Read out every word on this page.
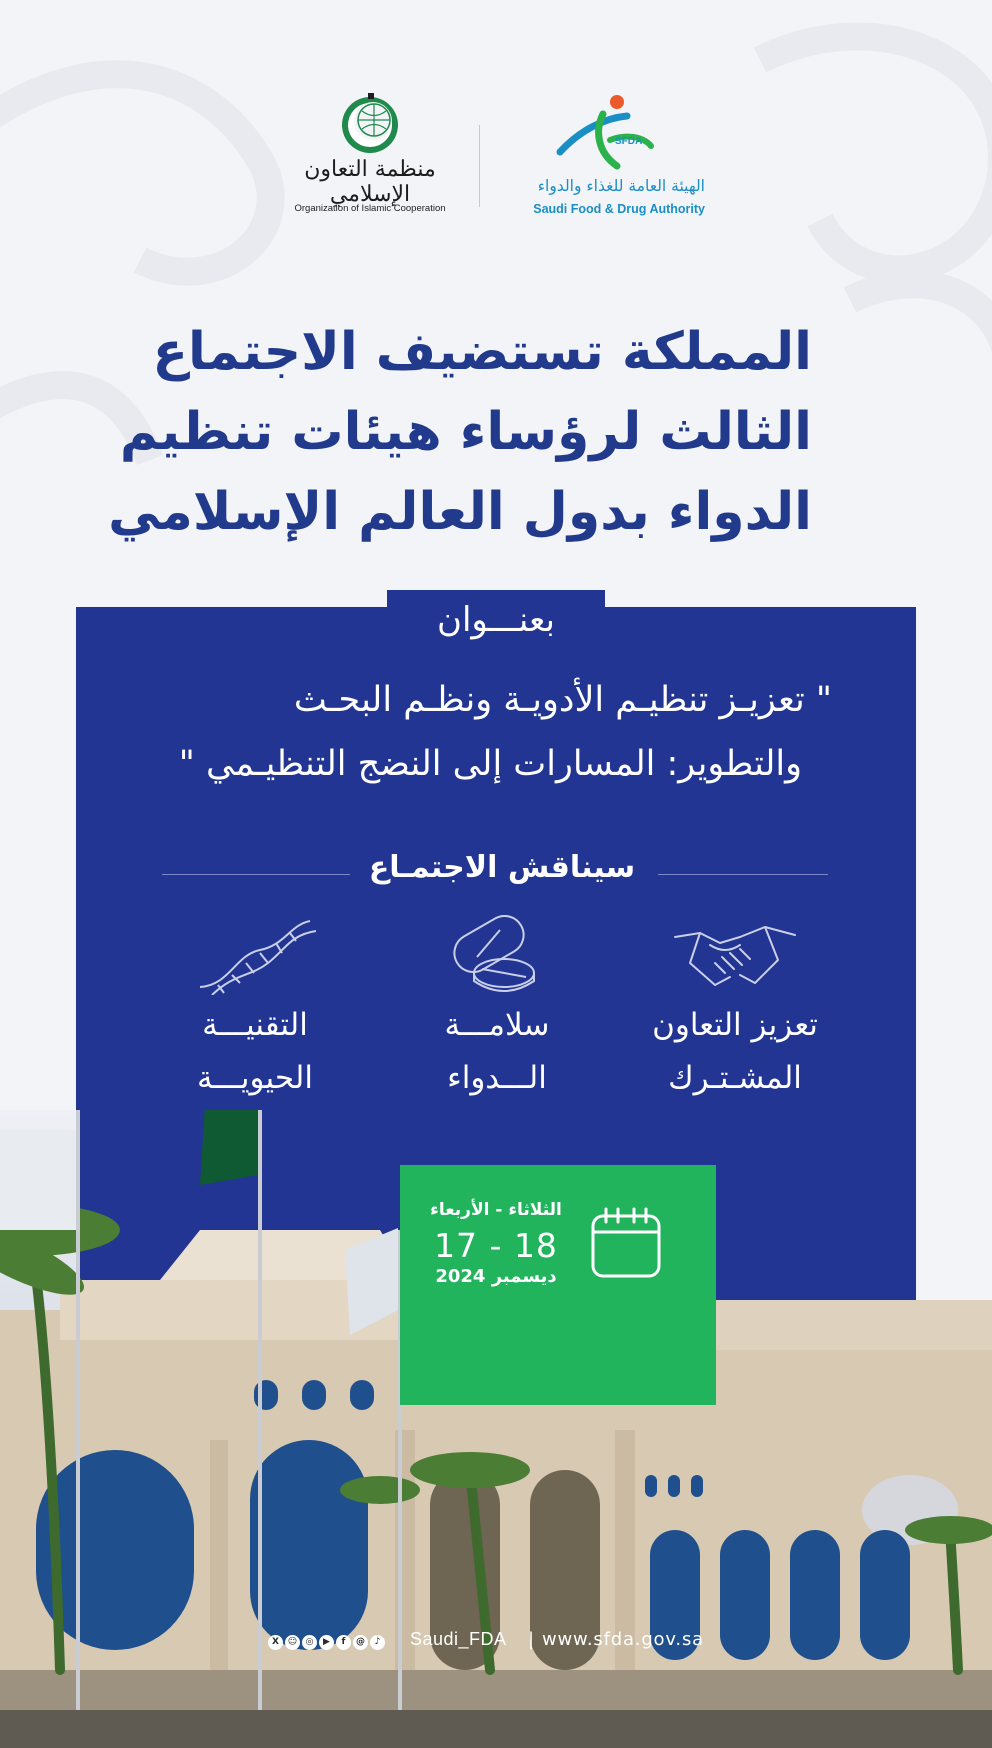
منظمة التعاون الإسلامي
Organization of Islamic Cooperation
SFDA
الهيئة العامة للغذاء والدواء
Saudi Food & Drug Authority
المملكة تستضيف الاجتماع
الثالث لرؤساء هيئات تنظيم
الدواء بدول العالم الإسلامي
بعنـــوان
" تعزيـز تنظيـم الأدويـة ونظـم البحـث
والتطوير: المسارات إلى النضج التنظيـمي "
سيناقش الاجتمـاع
تعزيز التعاون
المشـتـرك
سلامـــة
الـــدواء
التقنيـــة
الحيويـــة
الثلاثاء - الأربعاء
17 - 18
ديسمبر 2024
X ☺ ◎ ▶ f @ ♪	Saudi_FDA | www.sfda.gov.sa
